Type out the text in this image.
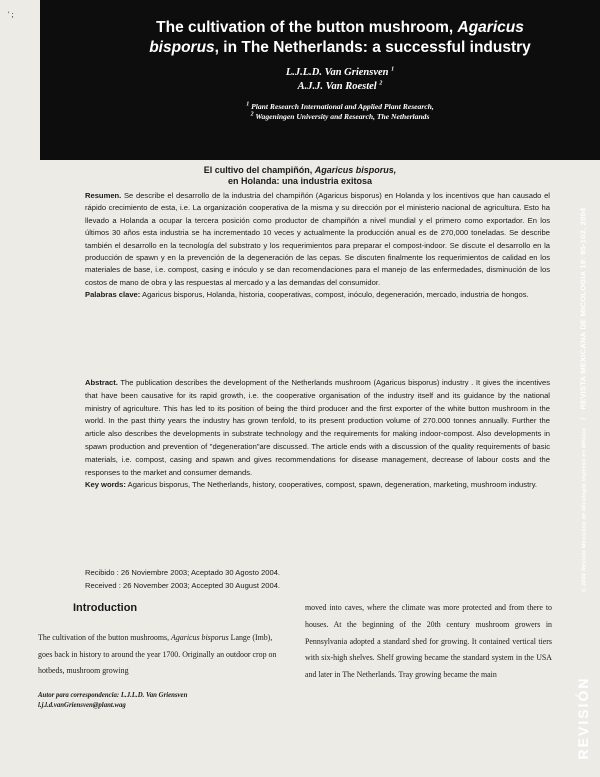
' ;
The cultivation of the button mushroom, Agaricus bisporus, in The Netherlands: a successful industry
L.J.L.D. Van Griensven $^1$
A.J.J. Van Roestel $^2$
$^1$ Plant Research International and Applied Plant Research,
$^2$ Wageningen University and Research, The Netherlands
© 2004 Revista Mexicana de Micología Impreso en México/REVISTA MEXICANA DE MICOLOGIA 19: 95-102, 2004
REVISIÓN
El cultivo del champiñón, Agaricus bisporus,
en Holanda: una industria exitosa

Resumen. Se describe el desarrollo de la industria del champiñón (Agaricus bisporus) en Holanda y los incentivos que han causado el rápido crecimiento de esta, i.e. La organización cooperativa de la misma y su dirección por el ministerio nacional de agricultura. Esto ha llevado a Holanda a ocupar la tercera posición como productor de champiñón a nivel mundial y el primero como exportador. En los últimos 30 años esta industria se ha incrementado 10 veces y actualmente la producción anual es de 270,000 toneladas. Se describe también el desarrollo en la tecnología del substrato y los requerimientos para preparar el compost-indoor. Se discute el desarrollo en la producción de spawn y en la prevención de la degeneración de las cepas. Se discuten finalmente los requerimientos de calidad en los materiales de base, i.e. compost, casing e inóculo y se dan recomendaciones para el manejo de las enfermedades, disminución de los costos de mano de obra y las respuestas al mercado y a las demandas del consumidor.
Palabras clave: Agaricus bisporus, Holanda, historia, cooperativas, compost, inóculo, degeneración, mercado, industria de hongos.

Abstract. The publication describes the development of the Netherlands mushroom (Agaricus bisporus) industry . It gives the incentives that have been causative for its rapid growth, i.e. the cooperative organisation of the industry itself and its guidance by the national ministry of agriculture. This has led to its position of being the third producer and the first exporter of the white button mushroom in the world. In the past thirty years the industry has grown tenfold, to its present production volume of 270.000 tonnes annually. Further the article also describes the developments in substrate technology and the requirements for making indoor-compost. Also developments in spawn production and prevention of "degeneration"are discussed. The article ends with a discussion of the quality requirements of basic materials, i.e. compost, casing and spawn and gives recommendations for disease management, decrease of labour costs and the responses to the market and consumer demands.
Key words: Agaricus bisporus, The Netherlands, history, cooperatives, compost, spawn, degeneration, marketing, mushroom industry.

Recibido : 26 Noviembre 2003; Aceptado 30 Agosto 2004.
Received : 26 November 2003; Accepted 30 August 2004.
Introduction

The cultivation of the button mushrooms, Agaricus bisporus Lange (Imb), goes back in history to around the year 1700. Originally an outdoor crop on hotbeds, mushroom growing

Autor para correspondencia: L.J.L.D. Van Griensven
l.j.l.d.vanGriensven@plant.wag

moved into caves, where the climate was more protected and from there to houses. At the beginning of the 20th century mushroom growers in Pennsylvania adopted a standard shed for growing. It contained vertical tiers with six-high shelves. Shelf growing became the standard system in the USA and later in The Netherlands. Tray growing became the main
